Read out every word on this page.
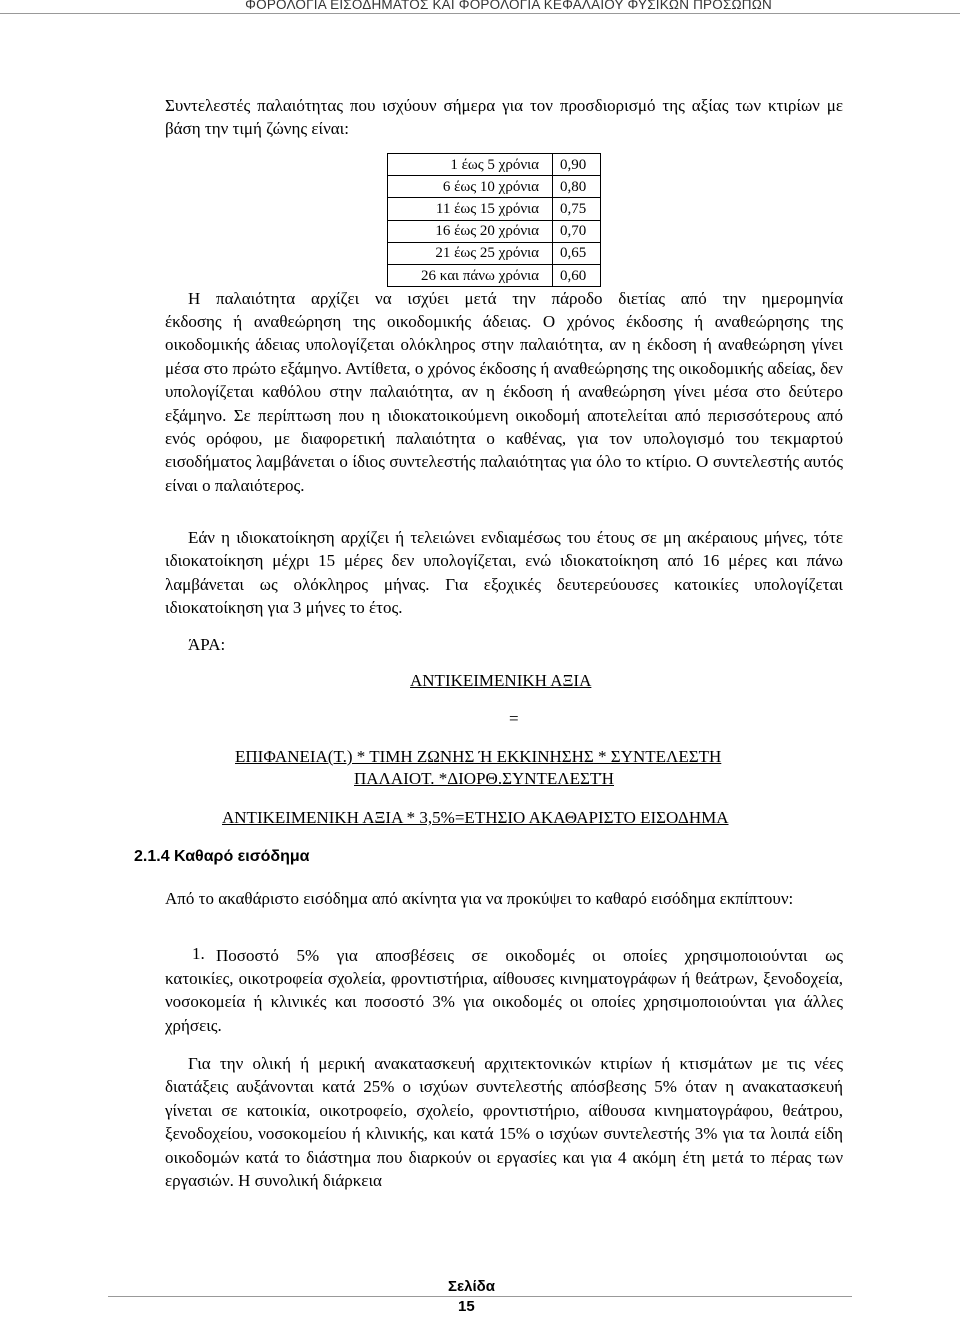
ΦΟΡΟΛΟΓΙΑ ΕΙΣΟΔΗΜΑΤΟΣ ΚΑΙ ΦΟΡΟΛΟΓΙΑ ΚΕΦΑΛΑΙΟΥ ΦΥΣΙΚΩΝ ΠΡΟΣΩΠΩΝ

Συντελεστές παλαιότητας που ισχύουν σήμερα για τον προσδιορισμό της αξίας των κτιρίων με βάση την τιμή ζώνης είναι:

1 έως 5 χρόνια	0,90
6 έως 10 χρόνια	0,80
11 έως 15 χρόνια	0,75
16 έως 20 χρόνια	0,70
21 έως 25 χρόνια	0,65
26 και πάνω χρόνια	0,60

Η παλαιότητα αρχίζει να ισχύει μετά την πάροδο διετίας από την ημερομηνία

έκδοσης ή αναθεώρηση της οικοδομικής άδειας. Ο χρόνος έκδοσης ή αναθεώρησης της οικοδομικής άδειας υπολογίζεται ολόκληρος στην παλαιότητα, αν η έκδοση ή αναθεώρηση γίνει μέσα στο πρώτο εξάμηνο. Αντίθετα, ο χρόνος έκδοσης ή αναθεώρησης της οικοδομικής αδείας, δεν υπολογίζεται καθόλου στην παλαιότητα, αν η έκδοση ή αναθεώρηση γίνει μέσα στο δεύτερο εξάμηνο. Σε περίπτωση που η ιδιοκατοικούμενη οικοδομή αποτελείται από περισσότερους από ενός ορόφου, με διαφορετική παλαιότητα ο καθένας, για τον υπολογισμό του τεκμαρτού εισοδήματος λαμβάνεται ο ίδιος συντελεστής παλαιότητας για όλο το κτίριο. Ο συντελεστής αυτός είναι ο παλαιότερος.

Εάν η ιδιοκατοίκηση αρχίζει ή τελειώνει ενδιαμέσως του έτους σε μη ακέραιους μήνες, τότε ιδιοκατοίκηση μέχρι 15 μέρες δεν υπολογίζεται, ενώ ιδιοκατοίκηση από 16 μέρες και πάνω λαμβάνεται ως ολόκληρος μήνας. Για εξοχικές δευτερεύουσες κατοικίες υπολογίζεται ιδιοκατοίκηση για 3 μήνες το έτος.

ΆΡΑ:
ΑΝΤΙΚΕΙΜΕΝΙΚΗ ΑΞΙΑ
=
ΕΠΙΦΑΝΕΙΑ(Τ.) * ΤΙΜΗ ΖΩΝΗΣ Ή ΕΚΚΙΝΗΣΗΣ * ΣΥΝΤΕΛΕΣΤΗ
ΠΑΛΑΙΟΤ. *ΔΙΟΡΘ.ΣΥΝΤΕΛΕΣΤΉ
ΑΝΤΙΚΕΙΜΕΝΙΚΗ ΑΞΙΑ * 3,5%=ΕΤΗΣΙΟ ΑΚΑΘΑΡΙΣΤΟ ΕΙΣΟΔΗΜΑ
2.1.4 Καθαρό εισόδημα

Από το ακαθάριστο εισόδημα από ακίνητα για να προκύψει το καθαρό εισόδημα εκπίπτουν:

1. Ποσοστό 5% για αποσβέσεις σε οικοδομές οι οποίες χρησιμοποιούνται ως

κατοικίες, οικοτροφεία σχολεία, φροντιστήρια, αίθουσες κινηματογράφων ή θεάτρων, ξενοδοχεία, νοσοκομεία ή κλινικές και ποσοστό 3% για οικοδομές οι οποίες χρησιμοποιούνται για άλλες χρήσεις.

Για την ολική ή μερική ανακατασκευή αρχιτεκτονικών κτιρίων ή κτισμάτων με τις νέες διατάξεις αυξάνονται κατά 25% ο ισχύων συντελεστής απόσβεσης 5% όταν η ανακατασκευή γίνεται σε κατοικία, οικοτροφείο, σχολείο, φροντιστήριο, αίθουσα κινηματογράφου, θεάτρου, ξενοδοχείου, νοσοκομείου ή κλινικής, και κατά 15% ο ισχύων συντελεστής 3% για τα λοιπά είδη οικοδομών κατά το διάστημα που διαρκούν οι εργασίες και για 4 ακόμη έτη μετά το πέρας των εργασιών. Η συνολική διάρκεια

Σελίδα
15
